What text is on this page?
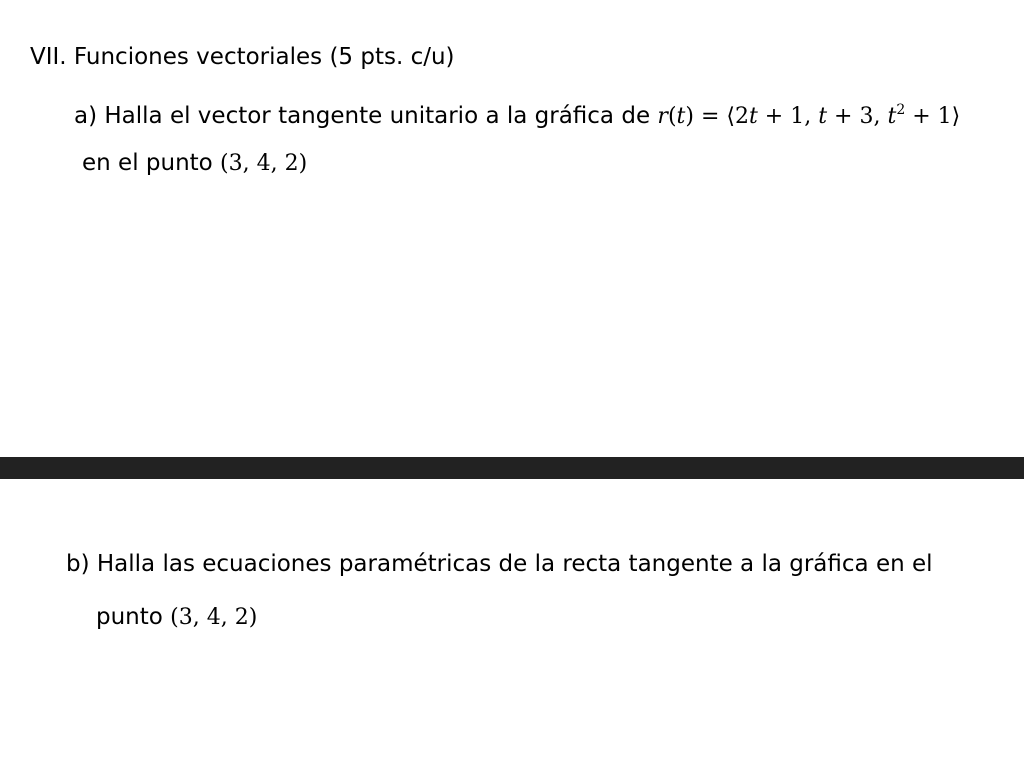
VII. Funciones vectoriales (5 pts. c/u)
a) Halla el vector tangente unitario a la gráfica de r(t) = ⟨2t + 1, t + 3, $t^2$ + 1⟩
en el punto (3, 4, 2)
b) Halla las ecuaciones paramétricas de la recta tangente a la gráfica en el
punto (3, 4, 2)
